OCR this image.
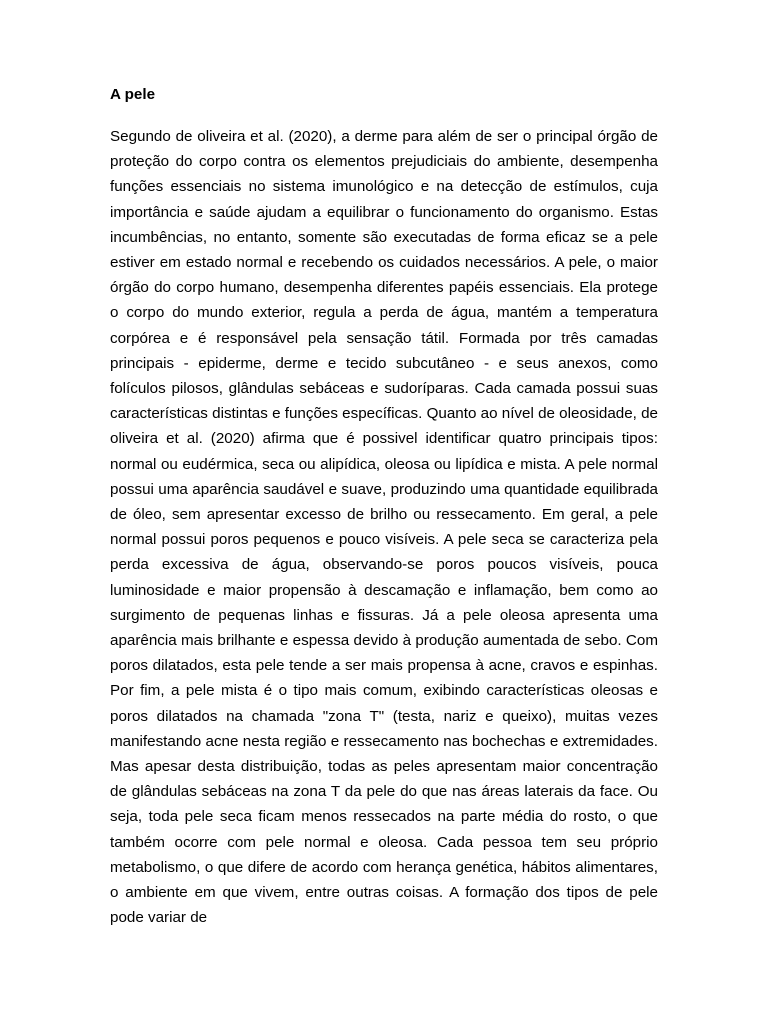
A pele

Segundo de oliveira et al. (2020), a derme para além de ser o principal órgão de proteção do corpo contra os elementos prejudiciais do ambiente, desempenha funções essenciais no sistema imunológico e na detecção de estímulos, cuja importância e saúde ajudam a equilibrar o funcionamento do organismo. Estas incumbências, no entanto, somente são executadas de forma eficaz se a pele estiver em estado normal e recebendo os cuidados necessários. A pele, o maior órgão do corpo humano, desempenha diferentes papéis essenciais. Ela protege o corpo do mundo exterior, regula a perda de água, mantém a temperatura corpórea e é responsável pela sensação tátil. Formada por três camadas principais - epiderme, derme e tecido subcutâneo - e seus anexos, como folículos pilosos, glândulas sebáceas e sudoríparas. Cada camada possui suas características distintas e funções específicas. Quanto ao nível de oleosidade, de oliveira et al. (2020) afirma que é possivel identificar quatro principais tipos: normal ou eudérmica, seca ou alipídica, oleosa ou lipídica e mista. A pele normal possui uma aparência saudável e suave, produzindo uma quantidade equilibrada de óleo, sem apresentar excesso de brilho ou ressecamento. Em geral, a pele normal possui poros pequenos e pouco visíveis. A pele seca se caracteriza pela perda excessiva de água, observando-se poros poucos visíveis, pouca luminosidade e maior propensão à descamação e inflamação, bem como ao surgimento de pequenas linhas e fissuras. Já a pele oleosa apresenta uma aparência mais brilhante e espessa devido à produção aumentada de sebo. Com poros dilatados, esta pele tende a ser mais propensa à acne, cravos e espinhas. Por fim, a pele mista é o tipo mais comum, exibindo características oleosas e poros dilatados na chamada "zona T" (testa, nariz e queixo), muitas vezes manifestando acne nesta região e ressecamento nas bochechas e extremidades. Mas apesar desta distribuição, todas as peles apresentam maior concentração de glândulas sebáceas na zona T da pele do que nas áreas laterais da face. Ou seja, toda pele seca ficam menos ressecados na parte média do rosto, o que também ocorre com pele normal e oleosa. Cada pessoa tem seu próprio metabolismo, o que difere de acordo com herança genética, hábitos alimentares, o ambiente em que vivem, entre outras coisas. A formação dos tipos de pele pode variar de
